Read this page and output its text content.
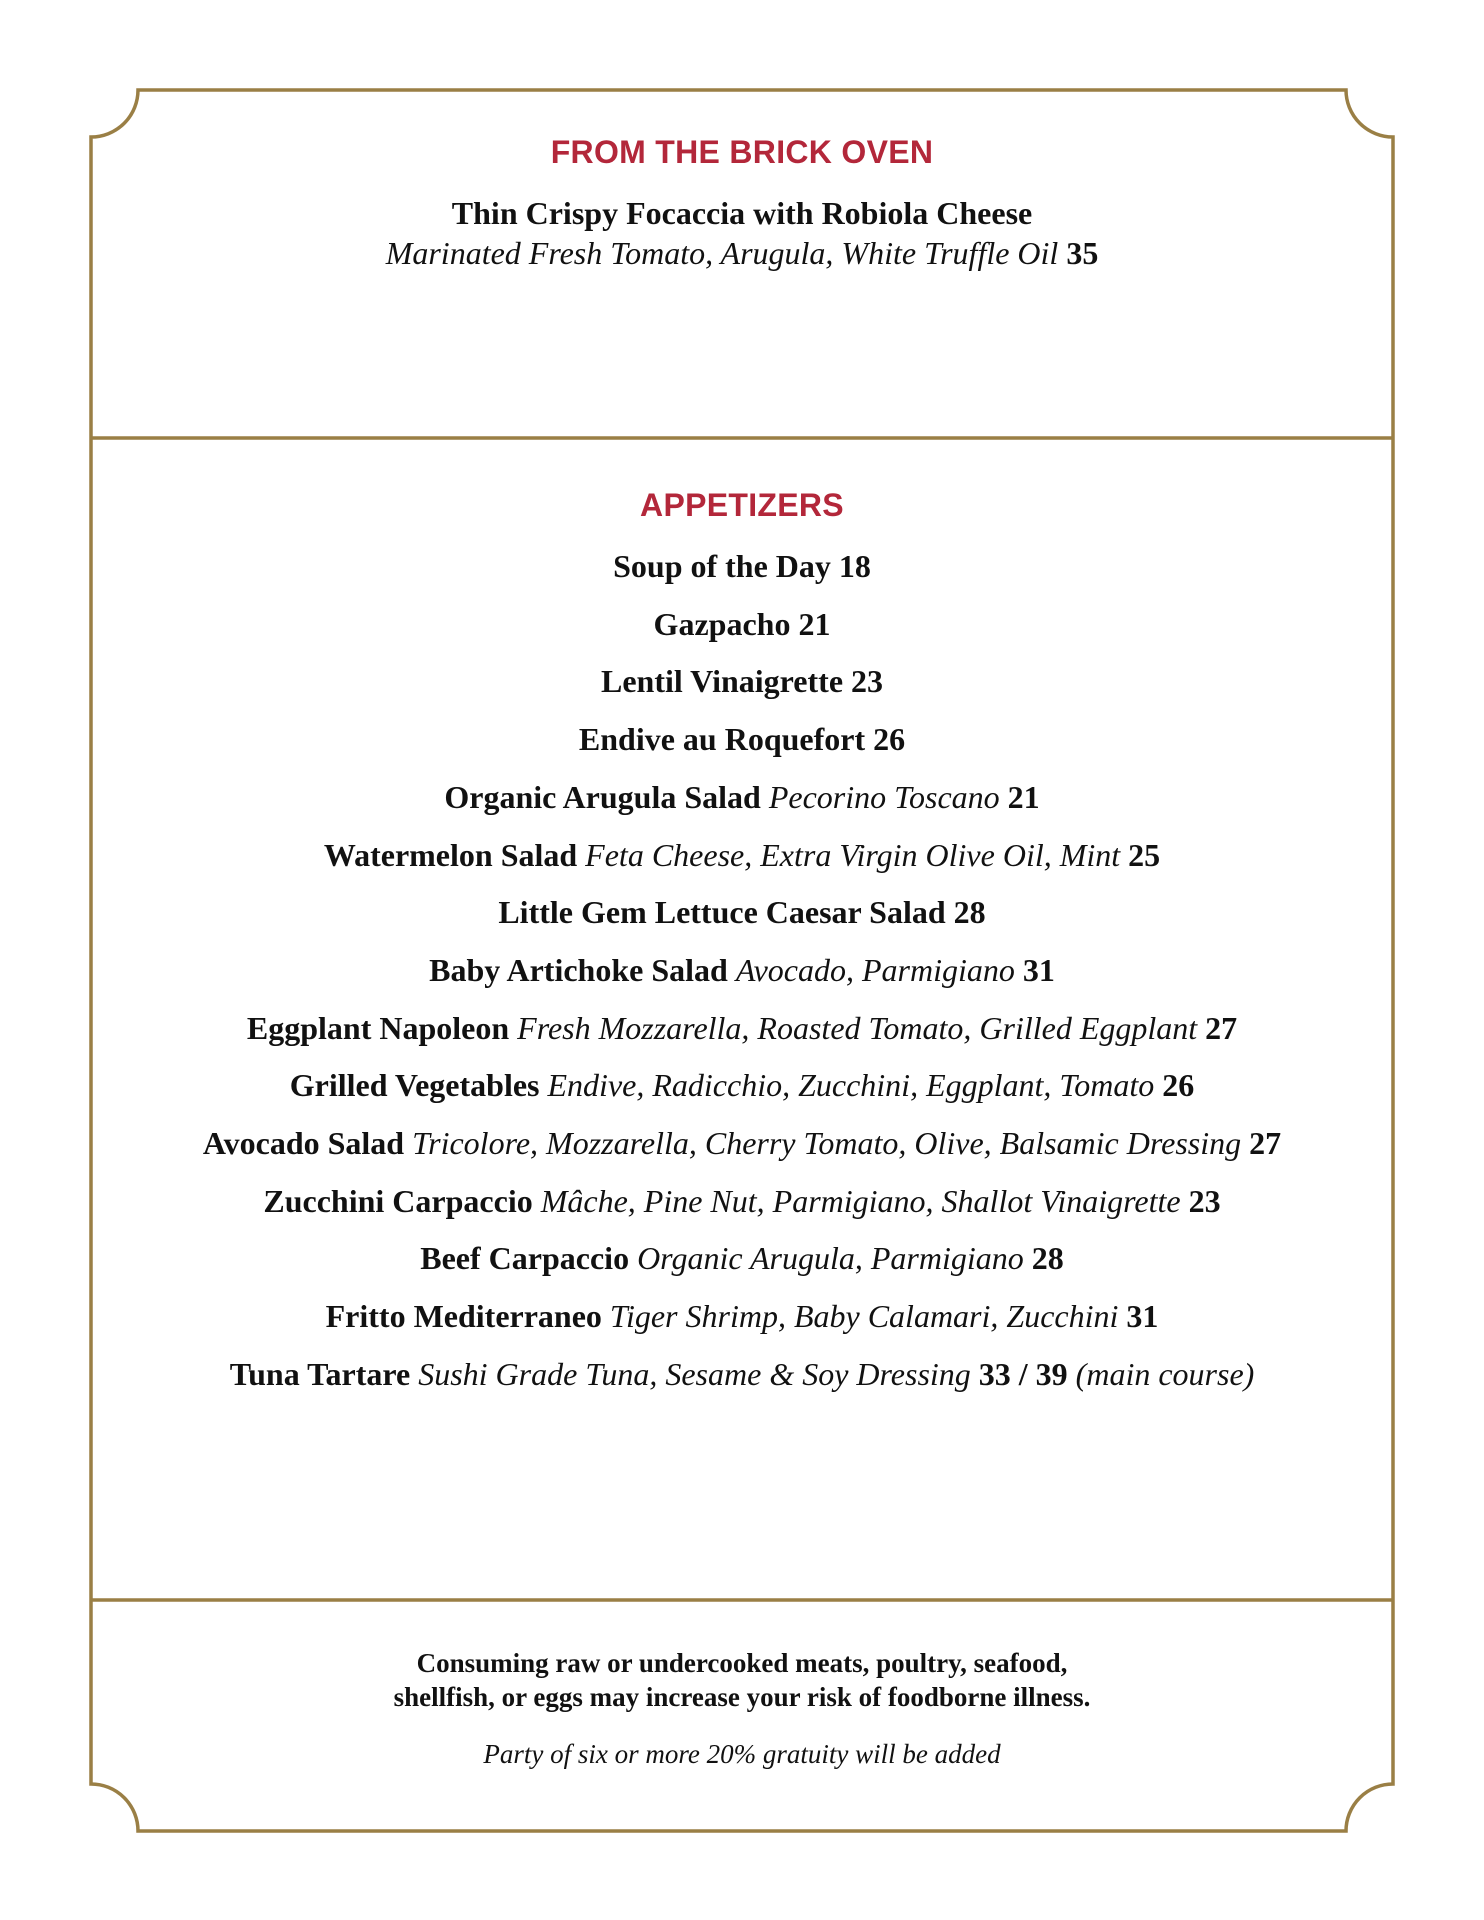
FROM THE BRICK OVEN
Thin Crispy Focaccia with Robiola Cheese
Marinated Fresh Tomato, Arugula, White Truffle Oil 35
APPETIZERS
Soup of the Day 18
Gazpacho 21
Lentil Vinaigrette 23
Endive au Roquefort 26
Organic Arugula Salad Pecorino Toscano 21
Watermelon Salad Feta Cheese, Extra Virgin Olive Oil, Mint 25
Little Gem Lettuce Caesar Salad 28
Baby Artichoke Salad Avocado, Parmigiano 31
Eggplant Napoleon Fresh Mozzarella, Roasted Tomato, Grilled Eggplant 27
Grilled Vegetables Endive, Radicchio, Zucchini, Eggplant, Tomato 26
Avocado Salad Tricolore, Mozzarella, Cherry Tomato, Olive, Balsamic Dressing 27
Zucchini Carpaccio Mâche, Pine Nut, Parmigiano, Shallot Vinaigrette 23
Beef Carpaccio Organic Arugula, Parmigiano 28
Fritto Mediterraneo Tiger Shrimp, Baby Calamari, Zucchini 31
Tuna Tartare Sushi Grade Tuna, Sesame & Soy Dressing 33 / 39 (main course)
Consuming raw or undercooked meats, poultry, seafood,
shellfish, or eggs may increase your risk of foodborne illness.
Party of six or more 20% gratuity will be added
